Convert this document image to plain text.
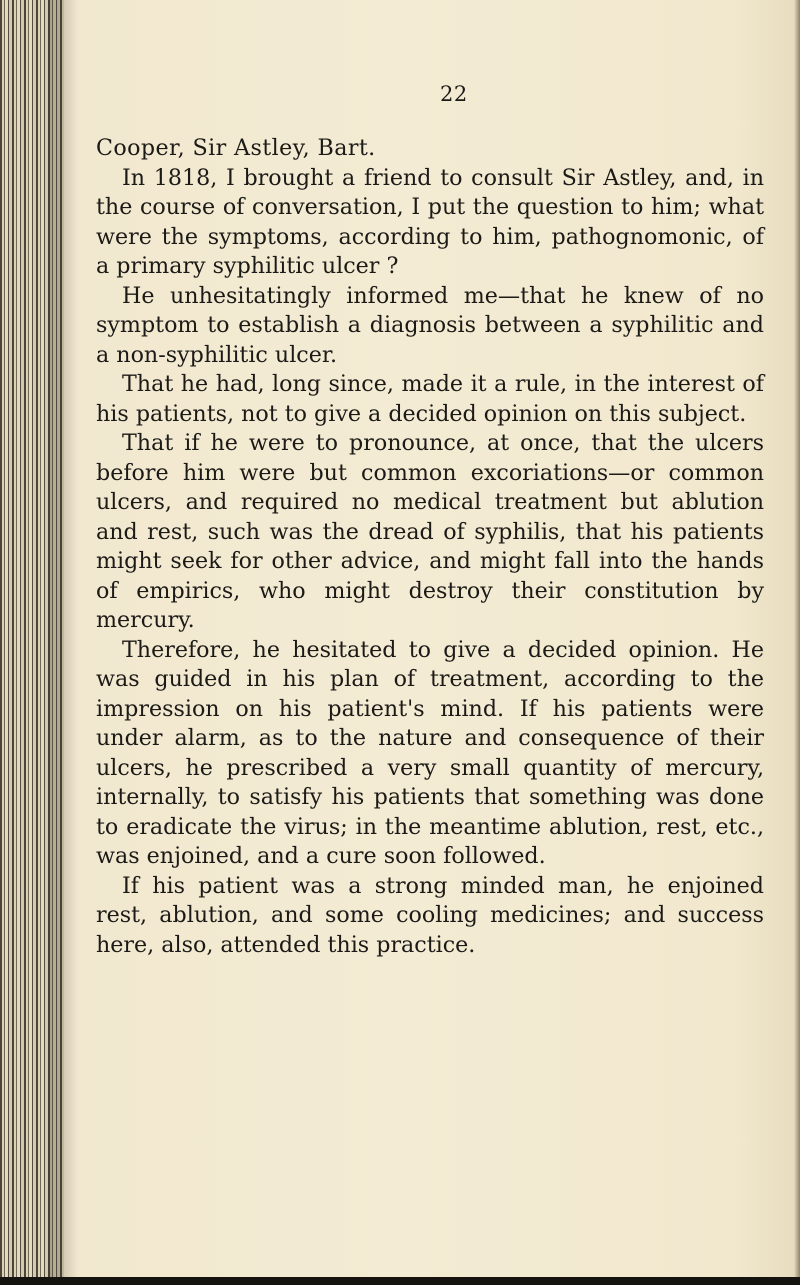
22

Cooper, Sir Astley, Bart.

In 1818, I brought a friend to consult Sir Astley, and, in the course of conversation, I put the question to him; what were the symptoms, according to him, pathognomonic, of a primary syphilitic ulcer ?

He unhesitatingly informed me—that he knew of no symptom to establish a diagnosis between a syphilitic and a non-syphilitic ulcer.

That he had, long since, made it a rule, in the interest of his patients, not to give a decided opinion on this subject.

That if he were to pronounce, at once, that the ulcers before him were but common excoriations—or common ulcers, and required no medical treatment but ablution and rest, such was the dread of syphilis, that his patients might seek for other advice, and might fall into the hands of empirics, who might destroy their constitution by mercury.

Therefore, he hesitated to give a decided opinion. He was guided in his plan of treatment, according to the impression on his patient's mind. If his patients were under alarm, as to the nature and consequence of their ulcers, he prescribed a very small quantity of mercury, internally, to satisfy his patients that something was done to eradicate the virus; in the meantime ablution, rest, etc., was enjoined, and a cure soon followed.

If his patient was a strong minded man, he enjoined rest, ablution, and some cooling medicines; and success here, also, attended this practice.
